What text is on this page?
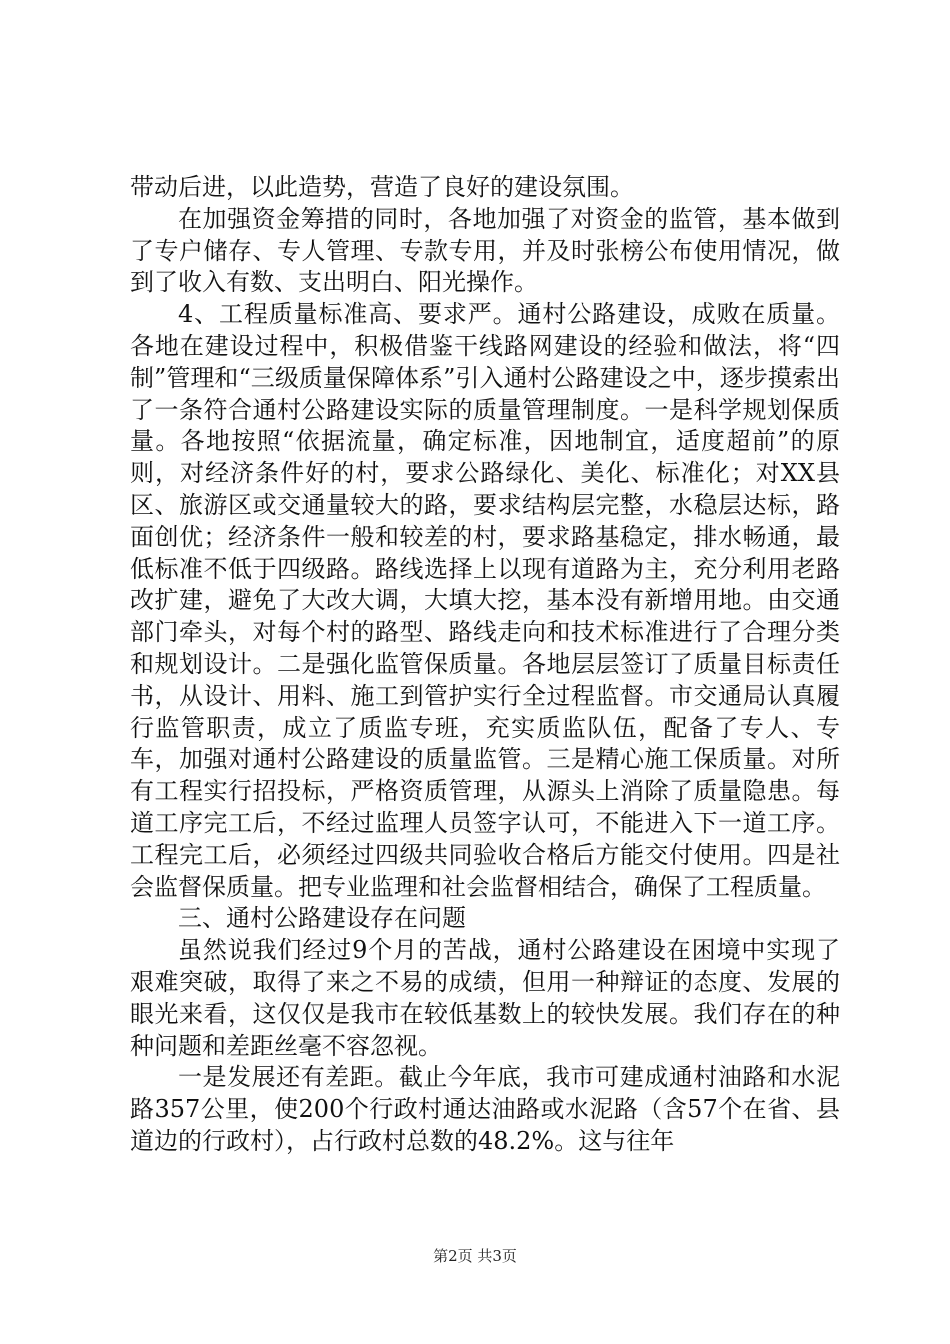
带动后进，以此造势，营造了良好的建设氛围。

在加强资金筹措的同时，各地加强了对资金的监管，基本做到了专户储存、专人管理、专款专用，并及时张榜公布使用情况，做到了收入有数、支出明白、阳光操作。

4、工程质量标准高、要求严。通村公路建设，成败在质量。各地在建设过程中，积极借鉴干线路网建设的经验和做法，将“四制”管理和“三级质量保障体系”引入通村公路建设之中，逐步摸索出了一条符合通村公路建设实际的质量管理制度。一是科学规划保质量。各地按照“依据流量，确定标准，因地制宜，适度超前”的原则，对经济条件好的村，要求公路绿化、美化、标准化；对XX县区、旅游区或交通量较大的路，要求结构层完整，水稳层达标，路面创优；经济条件一般和较差的村，要求路基稳定，排水畅通，最低标准不低于四级路。路线选择上以现有道路为主，充分利用老路改扩建，避免了大改大调，大填大挖，基本没有新增用地。由交通部门牵头，对每个村的路型、路线走向和技术标准进行了合理分类和规划设计。二是强化监管保质量。各地层层签订了质量目标责任书，从设计、用料、施工到管护实行全过程监督。市交通局认真履行监管职责，成立了质监专班，充实质监队伍，配备了专人、专车，加强对通村公路建设的质量监管。三是精心施工保质量。对所有工程实行招投标，严格资质管理，从源头上消除了质量隐患。每道工序完工后，不经过监理人员签字认可，不能进入下一道工序。工程完工后，必须经过四级共同验收合格后方能交付使用。四是社会监督保质量。把专业监理和社会监督相结合，确保了工程质量。

三、通村公路建设存在问题

虽然说我们经过9个月的苦战，通村公路建设在困境中实现了艰难突破，取得了来之不易的成绩，但用一种辩证的态度、发展的眼光来看，这仅仅是我市在较低基数上的较快发展。我们存在的种种问题和差距丝毫不容忽视。

一是发展还有差距。截止今年底，我市可建成通村油路和水泥路357公里，使200个行政村通达油路或水泥路（含57个在省、县道边的行政村），占行政村总数的48.2%。这与往年

第2页 共3页
